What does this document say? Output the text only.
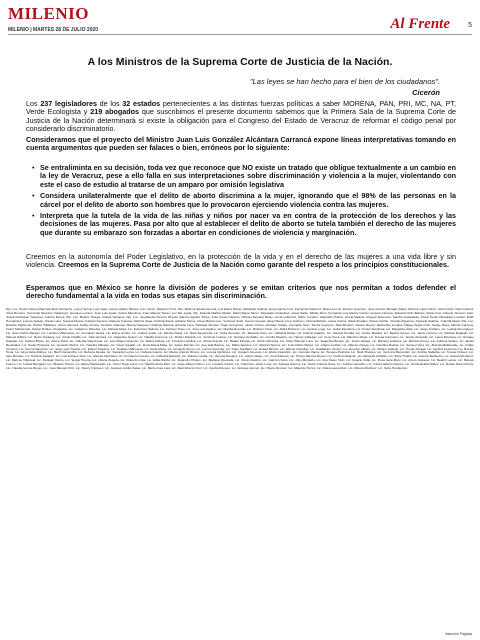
MILENIO
MILENIO | MARTES 28 DE JULIO 2020	Al Frente	5
A los Ministros de la Suprema Corte de Justicia de la Nación.
"Las leyes se han hecho para el bien de los ciudadanos".
Cicerón
Los 237 legisladores de los 32 estados pertenecientes a las distintas fuerzas políticas a saber MORENA, PAN, PRI, MC, NA, PT, Verde Ecologista y 219 abogados que suscribimos el presente documento sabemos que la Primera Sala de la Suprema Corte de Justicia de la Nación determinará si existe la obligación para el Congreso del Estado de Veracruz de reformar el código penal por considerarlo discriminatorio.
Consideramos que el proyecto del Ministro Juan Luis González Alcántara Carrancá expone líneas interpretativas tomando en cuenta argumentos que pueden ser falaces o bien, erróneos por lo siguiente:
• Se entraliminta en su decisión, toda vez que reconoce que NO existe un tratado que obligue textualmente a un cambio en la ley de Veracruz, pese a ello falla en sus interpretaciones sobre discriminación y violencia a la mujer, violentando con este el caso de estudio al tratarse de un amparo por omisión legislativa
• Considera unilateralmente que el delito de aborto discrimina a la mujer, ignorando que el 98% de las personas en la cárcel por el delito de aborto son hombres que lo provocaron ejerciendo violencia contra las mujeres.
• Interpreta que la tutela de la vida de las niñas y niños por nacer va en contra de la protección de los derechos y las decisiones de las mujeres. Pasa por alto que al establecer el delito de aborto se tutela también el derecho de las mujeres que durante su embarazo son forzadas a abortar en condiciones de violencia y marginación.
Creemos en la autonomía del Poder Legislativo, en la protección de la vida y en el derecho de las mujeres a una vida libre y sin violencia. Creemos en la Suprema Corte de Justicia de la Nación como garante del respeto a los principios constitucionales.
Esperamos que en México se honre la división de poderes y se emitan criterios que nos permitan a todos defender el derecho fundamental a la vida en todas sus etapas sin discriminación.
Dip. Loc. Pedro Carlos Masmela Ruiz Camacho, Lopez Serna, Luis Velaz, Arturo Valdez Silvera, Luis Yanez, Martínez Cruz, Dip. Maxima Zavala Arreola, Luz Elena Moran, Elizabeth Salinas, Ema García Cruz, Fernando Martínez, Elena Lemus, Ramón Guerrero, Jose Antonio Morales Salas, Monica López Pérez, Rocío Ruiz, Raúl Chávez, Alma Romero, Fernando Ramírez Velázquez, Gustavo Lozano, José Luis Ayala, Carlos Mendoza, Juan Manuel Torres, Luz Ma. Ayala, Dip. Federal Martha Valdés, María Elena Pérez, Diputados Federales: Jesús Salas, Miriam Ríos, Fernando Luis Mazón Castro, Ignacio Campos, Eduardo Ruiz Beltrán, Sofía Cruz, Antonio Jiménez Soto, Juana Rodríguez Sánchez, Andrés Flores, Dip. Loc. Beatriz Ortega, Araceli Vázquez, Dip. Loc. Guadalupe Herrera Pineda, Ramiro Aguilar Torres, Julio César Navarro, Patricia Morales Rivas, Lucía Gutiérrez, Mario Cordero, Alejandro Palma, Gloria Medina, Rogelio Espinoza, Sandra Castañeda, Óscar Peña, Diputadas Locales: Edith Hernández, Lorena Galván, Paola Luna, Susana Duarte, Fabiola Serrano, Rebeca Fuentes, Marisol Vega, Cristina Ibarra, Adriana Ponce, Rosa María León, Verónica Solís, Teresa Cuevas, Elsa Olvera, Irma Quintero, Norma Beltrán, Laura Ochoa, Silvia Rosales, Diana Carrillo, Claudia Figueroa, Graciela Salazar, Yolanda Mejía, Dip. Loc. Ricardo Cárdenas, Héctor Villalobos, Arturo Zamora, Felipe Acosta, Gerardo Valencia, Manuel Esquivel, Rodrigo Barrera, Ernesto Lara, Salvador Montes, Hugo Cervantes, Javier Orozco, Enrique Toledo, Leonardo Soto, Tomás Guerrero, Raúl Benítez, Alberto Reyes, Diputados Locales: Miguel Ángel Ortiz, Sergio Nava, Alfredo Campos, Víctor Maldonado, Daniel Robles, Abogados: Lic. Guillermo Paredes, Lic. Adriana Mora, Lic. Francisco Salinas, Lic. Carmen Trejo, Lic. José Luis Aguirre, Lic. Martha Escobar, Lic. Roberto Cano, Lic. Alicia Pacheco, Lic. Ignacio Lugo, Lic. Isabel Mendoza, Lic. Pedro Sandoval, Lic. Margarita Ávila, Lic. Jorge Arellano, Lic. Leticia Domínguez, Lic. Juan Carlos Rangel, Lic. Lourdes Villanueva, Lic. Fernando Garza, Lic. Elena Cortés, Lic. Andrés Ayala, Lic. Mónica Tapia, Lic. Raúl Sepúlveda, Lic. Sofía Guzmán, Lic. Eduardo Ríos, Lic. Gabriela Rojas, Lic. Antonio Fajardo, Lic. Daniela Peralta, Lic. Carlos Medina, Lic. Beatriz Arroyo, Lic. Jaime Corona, Lic. Patricia Delgado, Lic. Manuel Ibáñez, Lic. Rocío Santana, Lic. Oscar Padilla, Lic. Julia Ventura, Lic. Alejandro Quiroz, Lic. Natalia Cisneros, Lic. Rubén Estrada, Lic. Verónica Lozano, Lic. Gustavo Andrade, Lic. Cecilia Navarro, Lic. Héctor Gallegos, Lic. Irene Sosa, Lic. Mauricio Rivas, Lic. Teresa Carmona, Lic. Sergio Alvarado, Lic. Laura Montoya, Lic. Enrique Salgado, Lic. Andrea Bravo, Lic. Arturo Peña, Lic. Claudia Valenzuela, Lic. Luis Miguel Ocampo, Lic. Diana Zúñiga, Lic. Francisco Molina, Lic. Gloria Aranda, Lic. Rafael Pineda, Lic. Silvia Carranza, Lic. Víctor Manuel Luna, Lic. Alejandra Bustos, Lic. Jesús Vargas, Lic. Mariana Cabrera, Lic. Ricardo Ponce, Lic. Adriana Solano, Lic. Emilio Benavides, Lic. Paola Hinojosa, Lic. Gerardo Muñoz, Lic. Yolanda Villegas, Lic. Omar Castillo, Lic. Rosa Elena Mata, Lic. Javier Montiel, Lic. Ana Lilia Barrios, Lic. Pablo Serrano, Lic. Marisa Herrera, Lic. Juan Pablo Núñez, Lic. Liliana Cuéllar, Lic. Alfonso Ortega, Lic. Carolina Ruelas, Lic. Samuel Vera, Lic. Brenda Maldonado, Lic. Felipe Córdova, Lic. Norma Saucedo, Lic. Jorge Luis Treviño, Lic. Esther Palacios, Lic. Rodrigo Villanueva, Lic. Karla Meza, Lic. Armando Fierro, Lic. Lucía Contreras, Lic. Hugo Santillán, Lic. Estela Rincón, Lic. Alberto Ceballos, Lic. Guadalupe Orozco, Lic. Ernesto Valdez, Lic. Miriam Galindo, Lic. Tomás Arriaga, Lic. Sandra Ledesma, Lic. Ramón Tovar, Lic. Alma Delia Robles, Lic. Martín Escamilla, Lic. Rebeca Zavala, Lic. Salvador Leyva, Lic. Fabiola Guerra, Lic. Marco Antonio Rivera, Lic. Lorena Quiñones, Lic. Joaquín Acevedo, Lic. Elvira Castañón, Lic. Gonzalo Ibarra, Lic. Susana Pedraza, Lic. Raúl Olivares, Lic. Verónica Bermúdez, Lic. Andrés Saldaña, Lic. Teresa Chávez, Lic. Iván Morales, Lic. Patricia Gallardo, Lic. Luis Enrique Soto, Lic. Mónica Alcántara, Lic. Fernando Cuevas, Lic. Gabriela Esparza, Lic. Daniel Lozada, Lic. Ximena Rosales, Lic. Jaime Vallejo, Lic. Irma Salcedo, Lic. Héctor Manuel Reyna, Lic. Cristina Albarrán, Lic. Eduardo Casillas, Lic. Silvia Trujillo, Lic. Antonio Bañuelos, Lic. Araceli Mendoza, Lic. Marcos Villarreal, Lic. Daniela Osorio, Lic. Sergio Huerta, Lic. Liliana Zepeda, Lic. Roberto Lima, Lic. Erika Dávila, Lic. Alejandro Pizano, Lic. Mariana Quezada, Lic. Óscar Alarcón, Lic. Carmen Solís, Lic. Julio Montaño, Lic. Ana Karen Tello, Lic. Ignacio Vidal, Lic. Rosa Isela Muro, Lic. Arturo Cázares, Lic. Beatriz Larios, Lic. Manuel Franco, Lic. Leticia Barragán, Lic. Ricardo Olmos, Lic. Elena Maldonado, Lic. Víctor Hugo Cano, Lic. Martha Alicia Ruiz, Lic. Jorge Alberto Pérez, Lic. Lourdes Castro, Lic. Francisco Javier Luna, Lic. Adriana Monroy, Lic. Pedro Antonio Sosa, Lic. Julieta Camacho, Lic. Carlos Alberto Ramos, Lic. Gloria Estela Núñez, Lic. Rubén Darío Flores, Lic. Claudia Ivonne Reyes, Lic. José Manuel Ortiz, Lic. Nancy Vázquez, Lic. Gustavo Adolfo Salas, Lic. María José Lara, Lic. Raúl Alberto Cruz, Lic. Cecilia Romero, Lic. Enrique Gómez, Lic. Paula Jiménez, Lic. Mauricio Torres, Lic. Diana Laura Ruiz, Lic. Alfredo Martínez, Lic. Sofía Hernández.
Inserción Pagada
